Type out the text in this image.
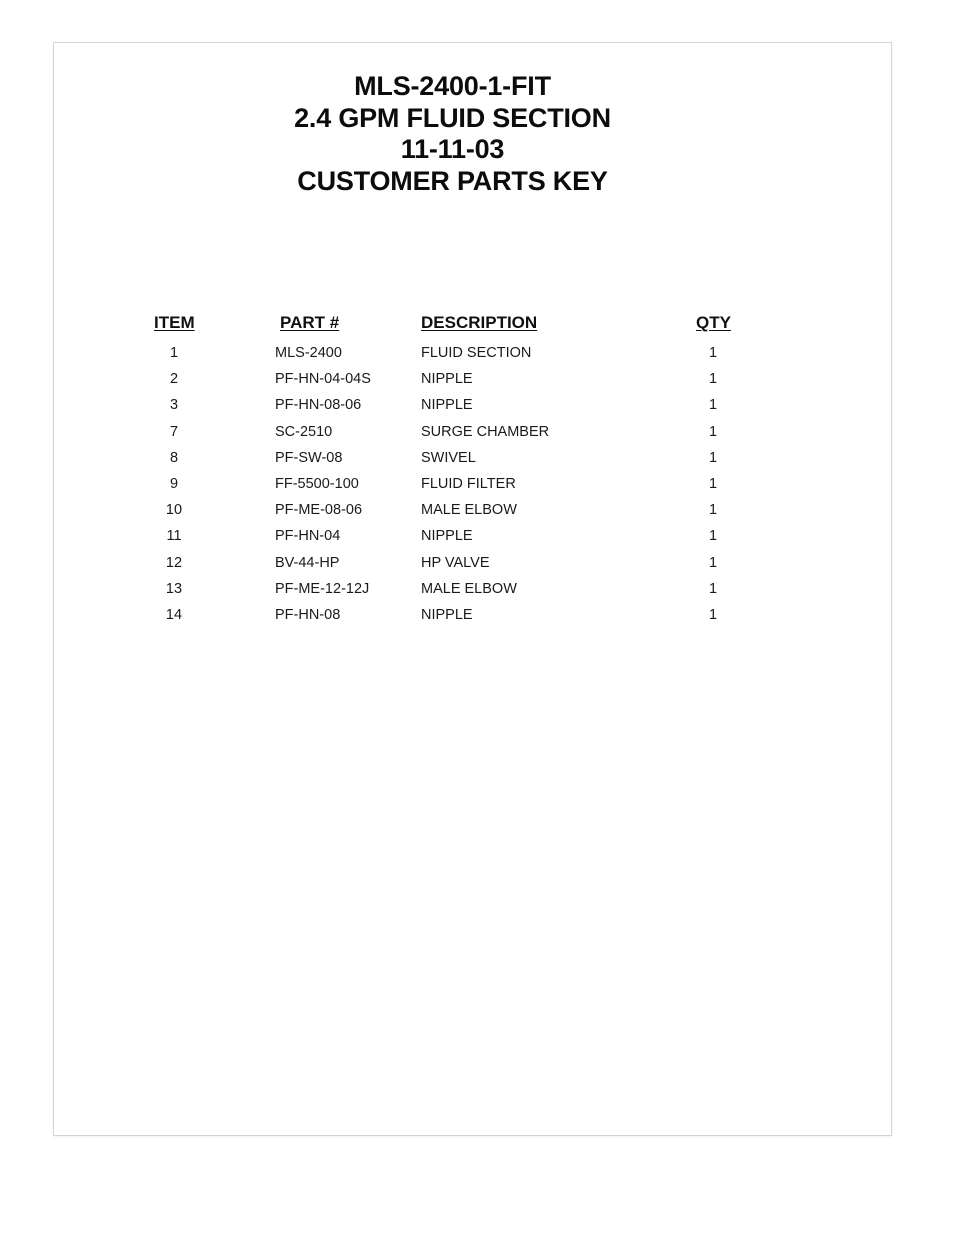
MLS-2400-1-FIT
2.4 GPM FLUID SECTION
11-11-03
CUSTOMER PARTS KEY
ITEM	PART #	DESCRIPTION	QTY
1	MLS-2400	FLUID SECTION	1
2	PF-HN-04-04S	NIPPLE	1
3	PF-HN-08-06	NIPPLE	1
7	SC-2510	SURGE CHAMBER	1
8	PF-SW-08	SWIVEL	1
9	FF-5500-100	FLUID FILTER	1
10	PF-ME-08-06	MALE ELBOW	1
11	PF-HN-04	NIPPLE	1
12	BV-44-HP	HP VALVE	1
13	PF-ME-12-12J	MALE ELBOW	1
14	PF-HN-08	NIPPLE	1
